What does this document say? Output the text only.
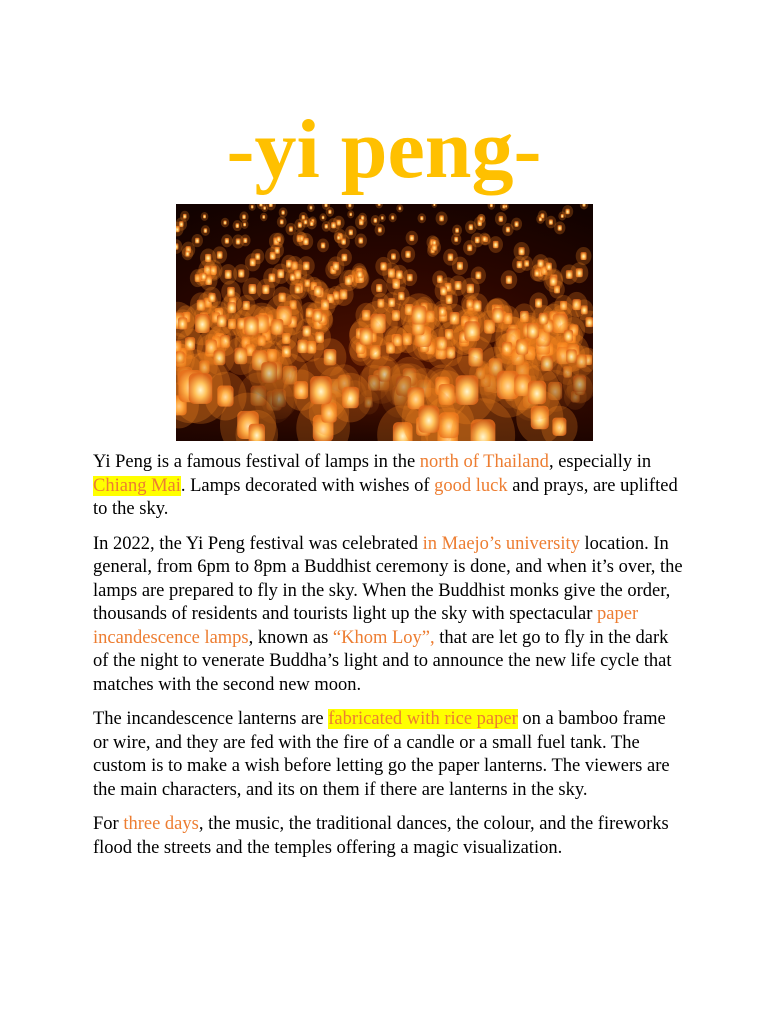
-yi peng-

Yi Peng is a famous festival of lamps in the north of Thailand, especially in Chiang Mai. Lamps decorated with wishes of good luck and prays, are uplifted to the sky.

In 2022, the Yi Peng festival was celebrated in Maejo’s university location. In general, from 6pm to 8pm a Buddhist ceremony is done, and when it’s over, the lamps are prepared to fly in the sky. When the Buddhist monks give the order, thousands of residents and tourists light up the sky with spectacular paper incandescence lamps, known as “Khom Loy”, that are let go to fly in the dark of the night to venerate Buddha’s light and to announce the new life cycle that matches with the second new moon.

The incandescence lanterns are fabricated with rice paper on a bamboo frame or wire, and they are fed with the fire of a candle or a small fuel tank. The custom is to make a wish before letting go the paper lanterns. The viewers are the main characters, and its on them if there are lanterns in the sky.

For three days, the music, the traditional dances, the colour, and the fireworks flood the streets and the temples offering a magic visualization.
